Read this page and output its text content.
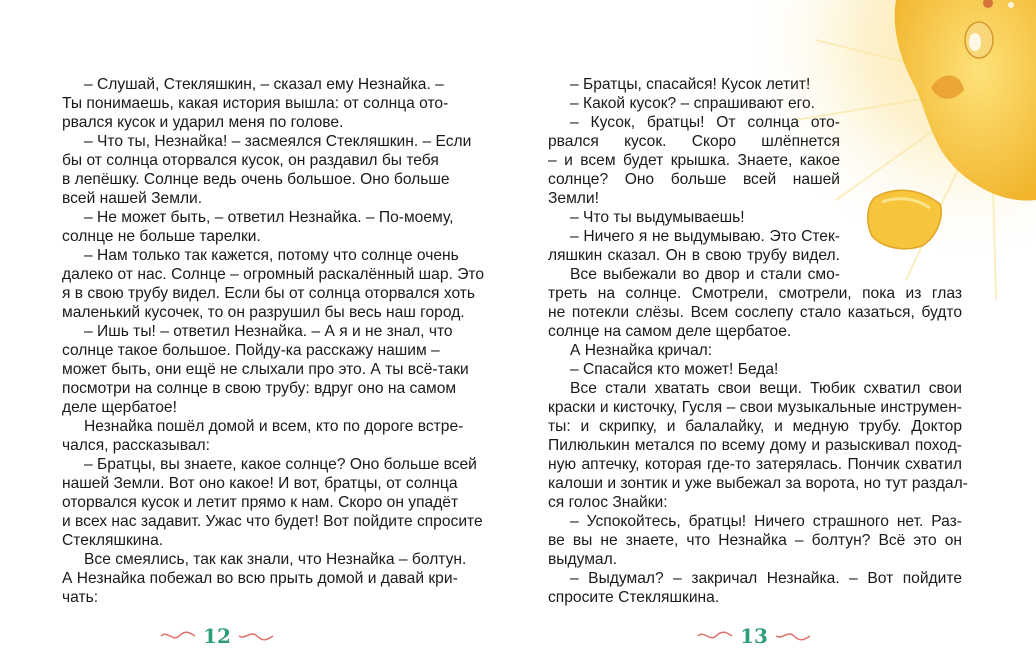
– Слушай, Стекляшкин, – сказал ему Незнайка. –
Ты понимаешь, какая история вышла: от солнца ото-
рвался кусок и ударил меня по голове.
– Что ты, Незнайка! – засмеялся Стекляшкин. – Если
бы от солнца оторвался кусок, он раздавил бы тебя
в лепёшку. Солнце ведь очень большое. Оно больше
всей нашей Земли.
– Не может быть, – ответил Незнайка. – По-моему,
солнце не больше тарелки.
– Нам только так кажется, потому что солнце очень
далеко от нас. Солнце – огромный раскалённый шар. Это
я в свою трубу видел. Если бы от солнца оторвался хоть
маленький кусочек, то он разрушил бы весь наш город.
– Ишь ты! – ответил Незнайка. – А я и не знал, что
солнце такое большое. Пойду-ка расскажу нашим –
может быть, они ещё не слыхали про это. А ты всё-таки
посмотри на солнце в свою трубу: вдруг оно на самом
деле щербатое!
Незнайка пошёл домой и всем, кто по дороге встре-
чался, рассказывал:
– Братцы, вы знаете, какое солнце? Оно больше всей
нашей Земли. Вот оно какое! И вот, братцы, от солнца
оторвался кусок и летит прямо к нам. Скоро он упадёт
и всех нас задавит. Ужас что будет! Вот пойдите спросите
Стекляшкина.
Все смеялись, так как знали, что Незнайка – болтун.
А Незнайка побежал во всю прыть домой и давай кри-
чать:
12
– Братцы, спасайся! Кусок летит!
– Какой кусок? – спрашивают его.
– Кусок, братцы! От солнца ото-
рвался кусок. Скоро шлёпнется
– и всем будет крышка. Знаете, какое
солнце? Оно больше всей нашей
Земли!
– Что ты выдумываешь!
– Ничего я не выдумываю. Это Стек-
ляшкин сказал. Он в свою трубу видел.
Все выбежали во двор и стали смо-
треть на солнце. Смотрели, смотрели, пока из глаз
не потекли слёзы. Всем сослепу стало казаться, будто
солнце на самом деле щербатое.
А Незнайка кричал:
– Спасайся кто может! Беда!
Все стали хватать свои вещи. Тюбик схватил свои
краски и кисточку, Гусля – свои музыкальные инструмен-
ты: и скрипку, и балалайку, и медную трубу. Доктор
Пилюлькин метался по всему дому и разыскивал поход-
ную аптечку, которая где-то затерялась. Пончик схватил
калоши и зонтик и уже выбежал за ворота, но тут раздал-
ся голос Знайки:
– Успокойтесь, братцы! Ничего страшного нет. Раз-
ве вы не знаете, что Незнайка – болтун? Всё это он
выдумал.
– Выдумал? – закричал Незнайка. – Вот пойдите
спросите Стекляшкина.
13
